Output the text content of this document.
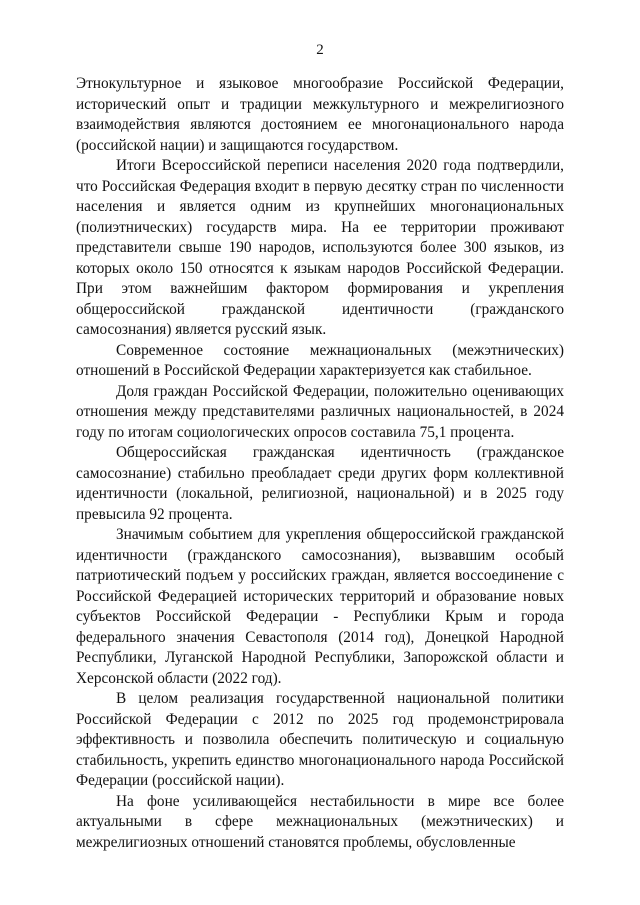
2

Этнокультурное и языковое многообразие Российской Федерации, исторический опыт и традиции межкультурного и межрелигиозного взаимодействия являются достоянием ее многонационального народа (российской нации) и защищаются государством.

Итоги Всероссийской переписи населения 2020 года подтвердили, что Российская Федерация входит в первую десятку стран по численности населения и является одним из крупнейших многонациональных (полиэтнических) государств мира. На ее территории проживают представители свыше 190 народов, используются более 300 языков, из которых около 150 относятся к языкам народов Российской Федерации. При этом важнейшим фактором формирования и укрепления общероссийской гражданской идентичности (гражданского самосознания) является русский язык.

Современное состояние межнациональных (межэтнических) отношений в Российской Федерации характеризуется как стабильное.

Доля граждан Российской Федерации, положительно оценивающих отношения между представителями различных национальностей, в 2024 году по итогам социологических опросов составила 75,1 процента.

Общероссийская гражданская идентичность (гражданское самосознание) стабильно преобладает среди других форм коллективной идентичности (локальной, религиозной, национальной) и в 2025 году превысила 92 процента.

Значимым событием для укрепления общероссийской гражданской идентичности (гражданского самосознания), вызвавшим особый патриотический подъем у российских граждан, является воссоединение с Российской Федерацией исторических территорий и образование новых субъектов Российской Федерации - Республики Крым и города федерального значения Севастополя (2014 год), Донецкой Народной Республики, Луганской Народной Республики, Запорожской области и Херсонской области (2022 год).

В целом реализация государственной национальной политики Российской Федерации с 2012 по 2025 год продемонстрировала эффективность и позволила обеспечить политическую и социальную стабильность, укрепить единство многонационального народа Российской Федерации (российской нации).

На фоне усиливающейся нестабильности в мире все более актуальными в сфере межнациональных (межэтнических) и межрелигиозных отношений становятся проблемы, обусловленные
